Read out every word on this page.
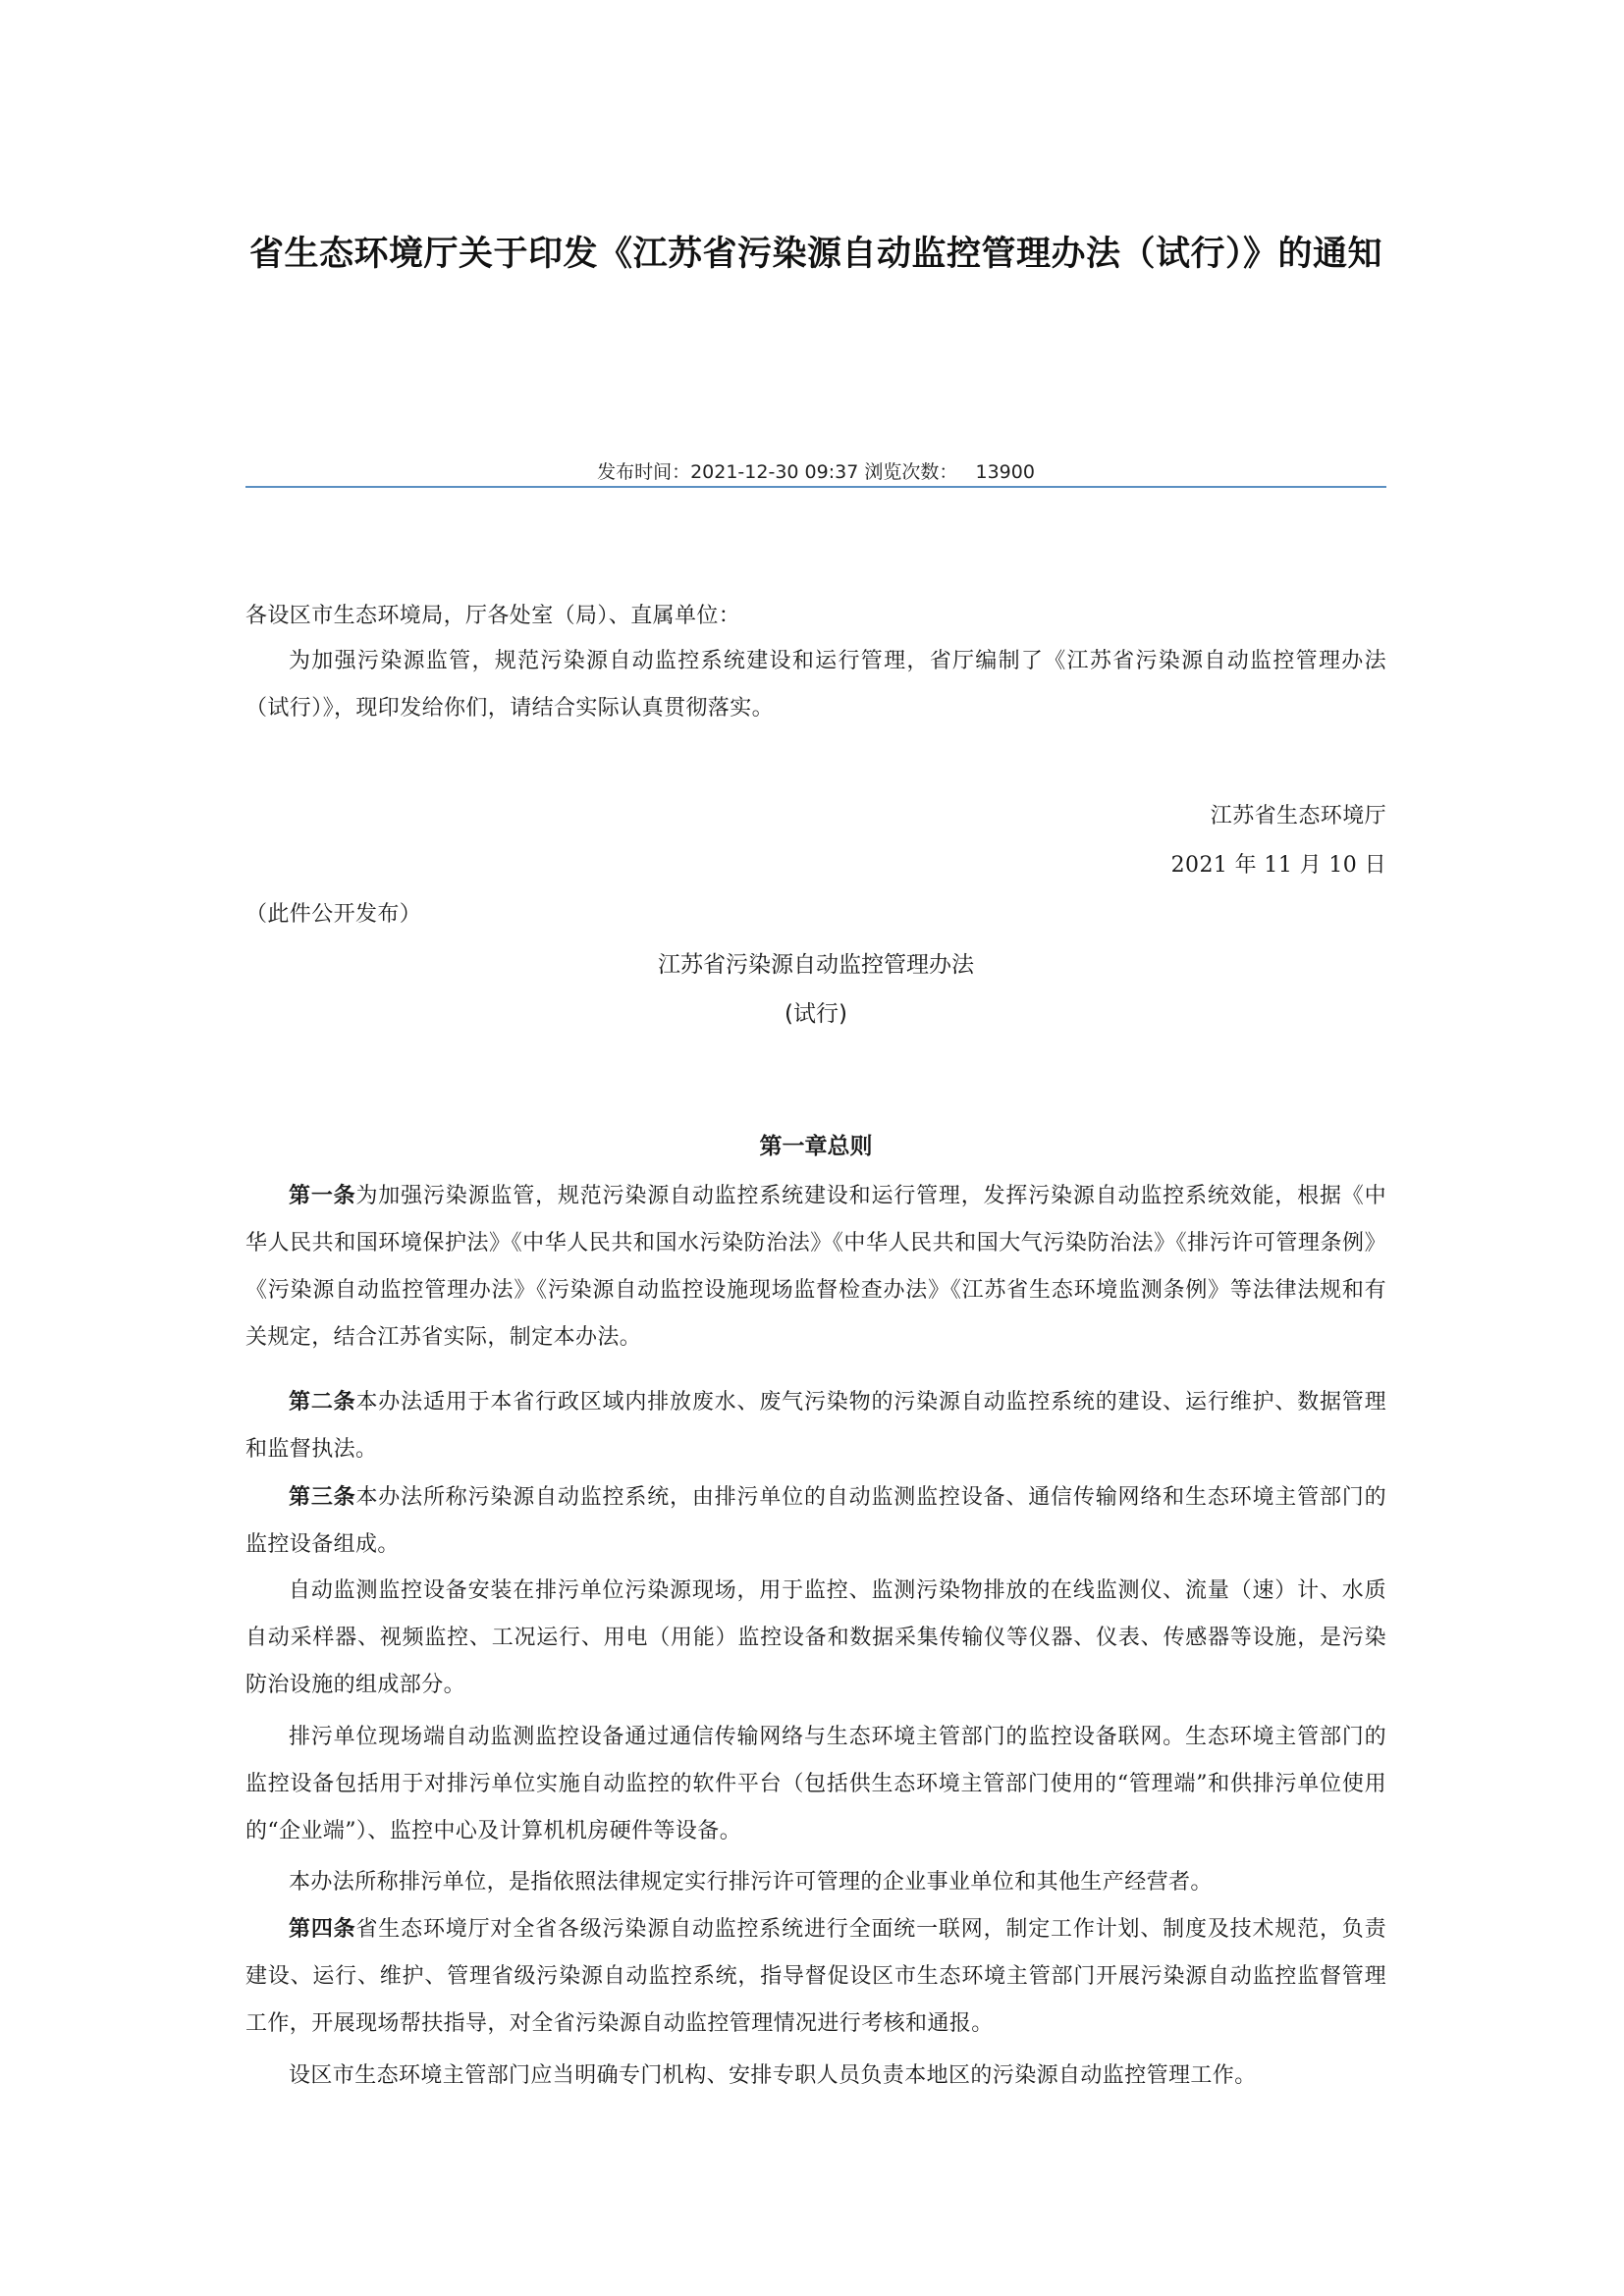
省生态环境厅关于印发《江苏省污染源自动监控管理办法（试行）》的通知
发布时间：2021-12-30 09:37 浏览次数： 13900

各设区市生态环境局，厅各处室（局）、直属单位：

为加强污染源监管，规范污染源自动监控系统建设和运行管理，省厅编制了《江苏省污染源自动监控管理办法（试行）》，现印发给你们，请结合实际认真贯彻落实。

江苏省生态环境厅
2021 年 11 月 10 日

（此件公开发布）

江苏省污染源自动监控管理办法
(试行)
第一章总则

第一条为加强污染源监管，规范污染源自动监控系统建设和运行管理，发挥污染源自动监控系统效能，根据《中华人民共和国环境保护法》《中华人民共和国水污染防治法》《中华人民共和国大气污染防治法》《排污许可管理条例》《污染源自动监控管理办法》《污染源自动监控设施现场监督检查办法》《江苏省生态环境监测条例》等法律法规和有关规定，结合江苏省实际，制定本办法。

第二条本办法适用于本省行政区域内排放废水、废气污染物的污染源自动监控系统的建设、运行维护、数据管理和监督执法。

第三条本办法所称污染源自动监控系统，由排污单位的自动监测监控设备、通信传输网络和生态环境主管部门的监控设备组成。

自动监测监控设备安装在排污单位污染源现场，用于监控、监测污染物排放的在线监测仪、流量（速）计、水质自动采样器、视频监控、工况运行、用电（用能）监控设备和数据采集传输仪等仪器、仪表、传感器等设施，是污染防治设施的组成部分。

排污单位现场端自动监测监控设备通过通信传输网络与生态环境主管部门的监控设备联网。生态环境主管部门的监控设备包括用于对排污单位实施自动监控的软件平台（包括供生态环境主管部门使用的“管理端”和供排污单位使用的“企业端”）、监控中心及计算机机房硬件等设备。

本办法所称排污单位，是指依照法律规定实行排污许可管理的企业事业单位和其他生产经营者。

第四条省生态环境厅对全省各级污染源自动监控系统进行全面统一联网，制定工作计划、制度及技术规范，负责建设、运行、维护、管理省级污染源自动监控系统，指导督促设区市生态环境主管部门开展污染源自动监控监督管理工作，开展现场帮扶指导，对全省污染源自动监控管理情况进行考核和通报。

设区市生态环境主管部门应当明确专门机构、安排专职人员负责本地区的污染源自动监控管理工作。
